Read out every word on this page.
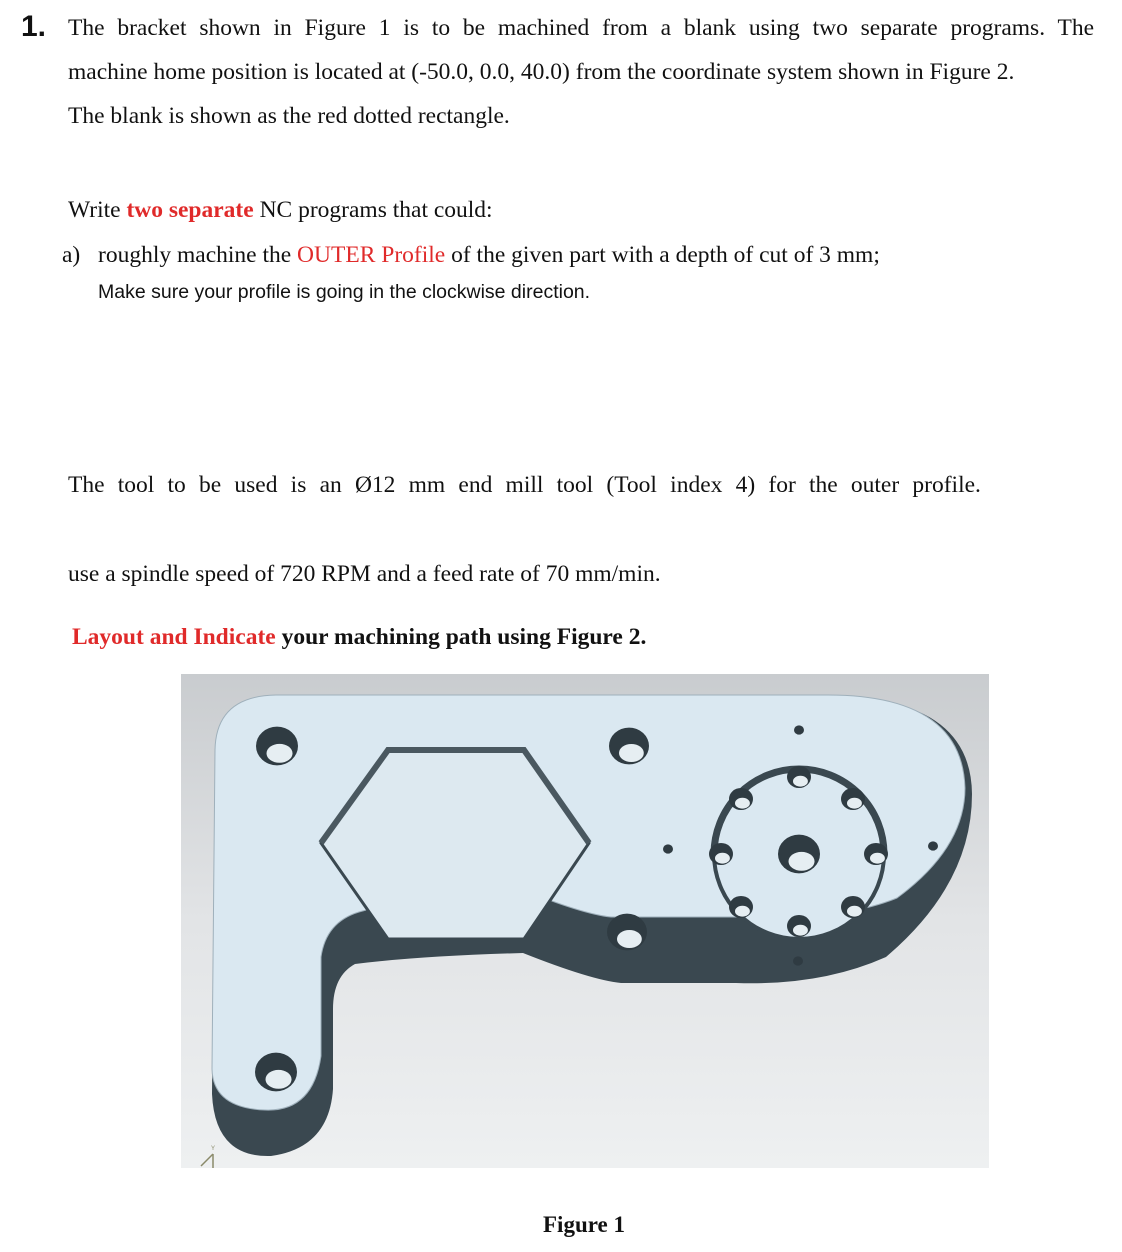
1. The bracket shown in Figure 1 is to be machined from a blank using two separate programs. The
machine home position is located at (-50.0, 0.0, 40.0) from the coordinate system shown in Figure 2.
The blank is shown as the red dotted rectangle.
Write two separate NC programs that could:
a) roughly machine the OUTER Profile of the given part with a depth of cut of 3 mm;
Make sure your profile is going in the clockwise direction.
The tool to be used is an Ø12 mm end mill tool (Tool index 4) for the outer profile.
use a spindle speed of 720 RPM and a feed rate of 70 mm/min.
Layout and Indicate your machining path using Figure 2.
Y
Figure 1
